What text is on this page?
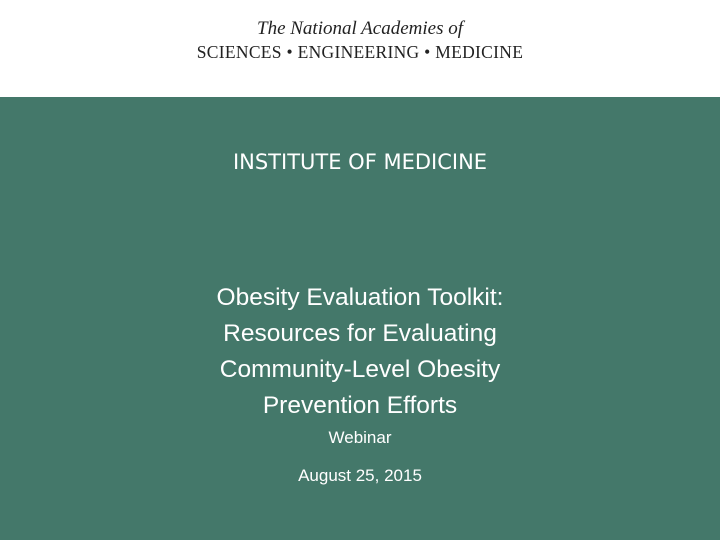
The National Academies of
SCIENCES • ENGINEERING • MEDICINE
INSTITUTE OF MEDICINE
Obesity Evaluation Toolkit:
Resources for Evaluating
Community-Level Obesity
Prevention Efforts
Webinar
August 25, 2015
